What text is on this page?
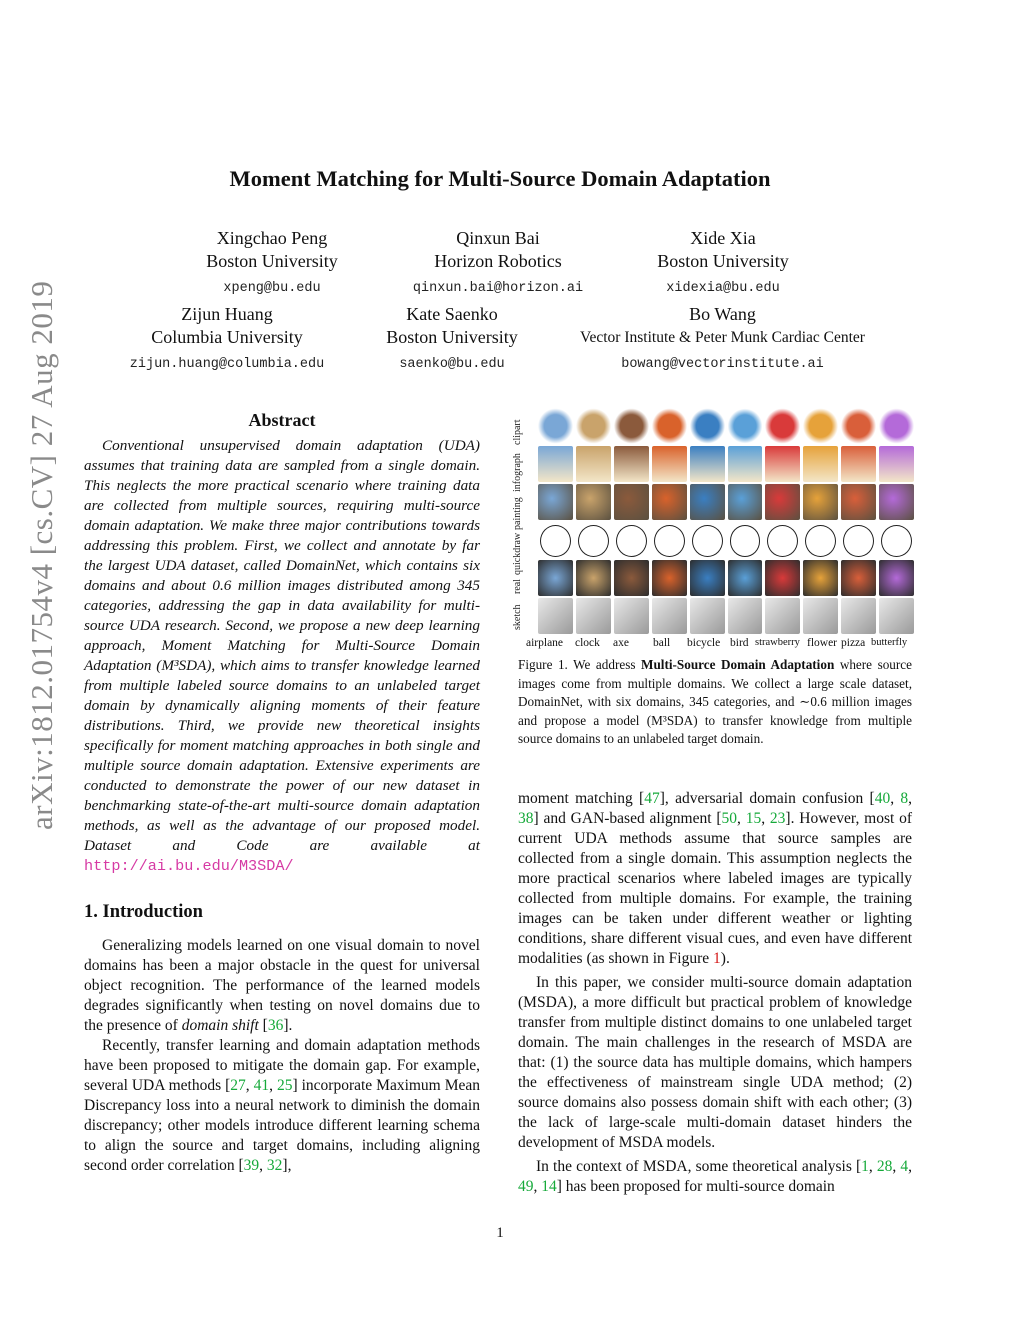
arXiv:1812.01754v4 [cs.CV] 27 Aug 2019
Moment Matching for Multi-Source Domain Adaptation
Xingchao Peng
Boston University
xpeng@bu.edu
Qinxun Bai
Horizon Robotics
qinxun.bai@horizon.ai
Xide Xia
Boston University
xidexia@bu.edu
Zijun Huang
Columbia University
zijun.huang@columbia.edu
Kate Saenko
Boston University
saenko@bu.edu
Bo Wang
Vector Institute & Peter Munk Cardiac Center
bowang@vectorinstitute.ai
Abstract
Conventional unsupervised domain adaptation (UDA) assumes that training data are sampled from a single domain. This neglects the more practical scenario where training data are collected from multiple sources, requiring multi-source domain adaptation. We make three major contributions towards addressing this problem. First, we collect and annotate by far the largest UDA dataset, called DomainNet, which contains six domains and about 0.6 million images distributed among 345 categories, addressing the gap in data availability for multi-source UDA research. Second, we propose a new deep learning approach, Moment Matching for Multi-Source Domain Adaptation (M³SDA), which aims to transfer knowledge learned from multiple labeled source domains to an unlabeled target domain by dynamically aligning moments of their feature distributions. Third, we provide new theoretical insights specifically for moment matching approaches in both single and multiple source domain adaptation. Extensive experiments are conducted to demonstrate the power of our new dataset in benchmarking state-of-the-art multi-source domain adaptation methods, as well as the advantage of our proposed model. Dataset and Code are available at http://ai.bu.edu/M3SDA/
1. Introduction

Generalizing models learned on one visual domain to novel domains has been a major obstacle in the quest for universal object recognition. The performance of the learned models degrades significantly when testing on novel domains due to the presence of domain shift [36].

Recently, transfer learning and domain adaptation methods have been proposed to mitigate the domain gap. For example, several UDA methods [27, 41, 25] incorporate Maximum Mean Discrepancy loss into a neural network to diminish the domain discrepancy; other models introduce different learning schema to align the source and target domains, including aligning second order correlation [39, 32],

clipart
infograph
painting
quickdraw
real
sketch
airplane clock axe ball bicycle bird strawberry flower pizza butterfly
Figure 1. We address Multi-Source Domain Adaptation where source images come from multiple domains. We collect a large scale dataset, DomainNet, with six domains, 345 categories, and ∼0.6 million images and propose a model (M³SDA) to transfer knowledge from multiple source domains to an unlabeled target domain.

moment matching [47], adversarial domain confusion [40, 8, 38] and GAN-based alignment [50, 15, 23]. However, most of current UDA methods assume that source samples are collected from a single domain. This assumption neglects the more practical scenarios where labeled images are typically collected from multiple domains. For example, the training images can be taken under different weather or lighting conditions, share different visual cues, and even have different modalities (as shown in Figure 1).

In this paper, we consider multi-source domain adaptation (MSDA), a more difficult but practical problem of knowledge transfer from multiple distinct domains to one unlabeled target domain. The main challenges in the research of MSDA are that: (1) the source data has multiple domains, which hampers the effectiveness of mainstream single UDA method; (2) source domains also possess domain shift with each other; (3) the lack of large-scale multi-domain dataset hinders the development of MSDA models.

In the context of MSDA, some theoretical analysis [1, 28, 4, 49, 14] has been proposed for multi-source domain

1
